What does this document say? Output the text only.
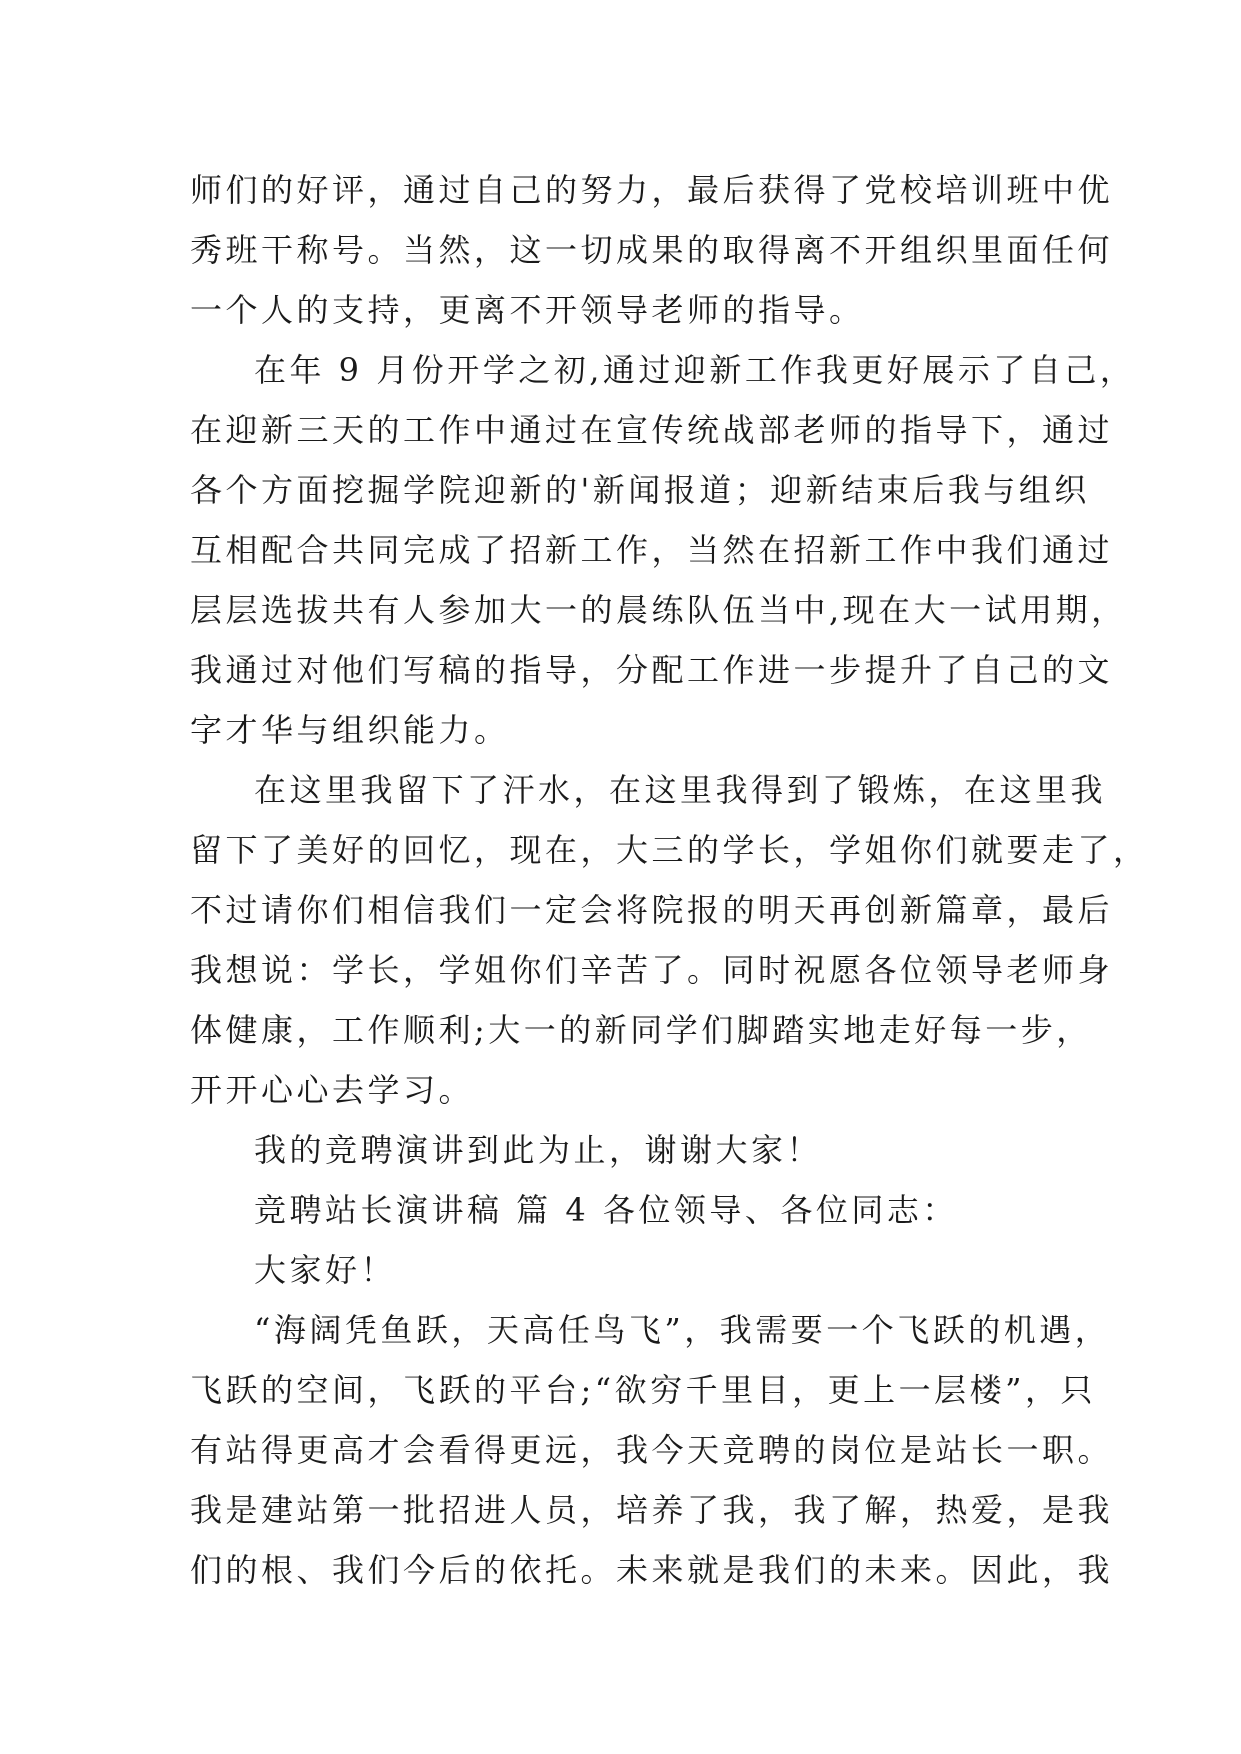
师们的好评，通过自己的努力，最后获得了党校培训班中优
秀班干称号。当然，这一切成果的取得离不开组织里面任何
一个人的支持，更离不开领导老师的指导。
在年 9 月份开学之初,通过迎新工作我更好展示了自己，
在迎新三天的工作中通过在宣传统战部老师的指导下，通过
各个方面挖掘学院迎新的'新闻报道；迎新结束后我与组织
互相配合共同完成了招新工作，当然在招新工作中我们通过
层层选拔共有人参加大一的晨练队伍当中,现在大一试用期，
我通过对他们写稿的指导，分配工作进一步提升了自己的文
字才华与组织能力。
在这里我留下了汗水，在这里我得到了锻炼，在这里我
留下了美好的回忆，现在，大三的学长，学姐你们就要走了，
不过请你们相信我们一定会将院报的明天再创新篇章，最后
我想说：学长，学姐你们辛苦了。同时祝愿各位领导老师身
体健康，工作顺利;大一的新同学们脚踏实地走好每一步，
开开心心去学习。
我的竞聘演讲到此为止，谢谢大家！
竞聘站长演讲稿 篇 4 各位领导、各位同志：
大家好！
“海阔凭鱼跃，天高任鸟飞”，我需要一个飞跃的机遇，
飞跃的空间，飞跃的平台;“欲穷千里目，更上一层楼”，只
有站得更高才会看得更远，我今天竞聘的岗位是站长一职。
我是建站第一批招进人员，培养了我，我了解，热爱，是我
们的根、我们今后的依托。未来就是我们的未来。因此，我
